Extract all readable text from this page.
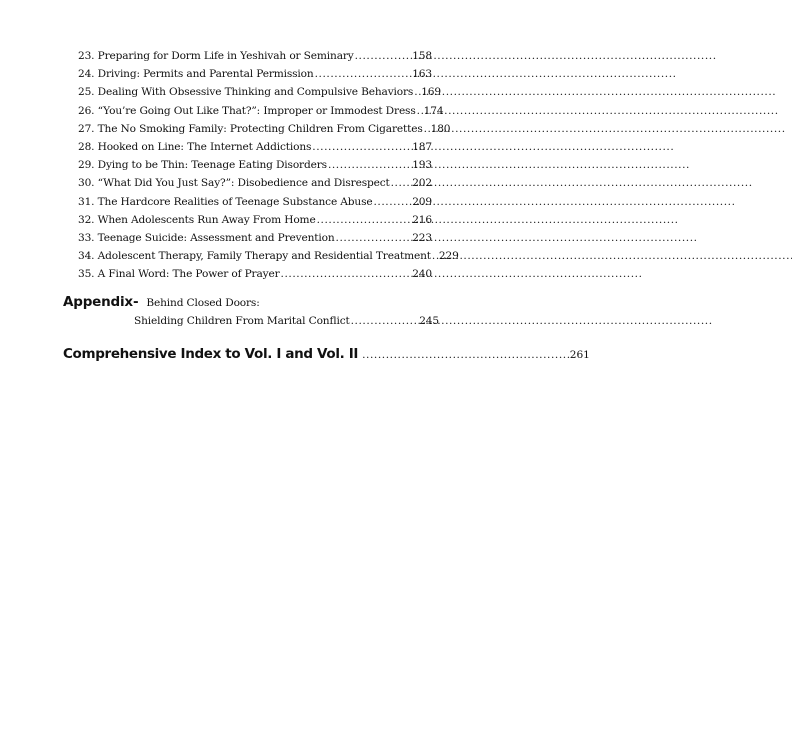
23. Preparing for Dorm Life in Yeshivah or Seminary . . .	158
24. Driving: Permits and Parental Permission . . .	163
25. Dealing With Obsessive Thinking and Compulsive Behaviors . . . 169
26. “You’re Going Out Like That?”: Improper or Immodest Dress . . . 174
27. The No Smoking Family: Protecting Children From Cigarettes . . . 180
28. Hooked on Line: The Internet Addictions . . .	187
29. Dying to be Thin: Teenage Eating Disorders . . .	193
30. “What Did You Just Say?”: Disobedience and Disrespect . . . 202
31. The Hardcore Realities of Teenage Substance Abuse . . .	209
32. When Adolescents Run Away From Home . . .	216
33. Teenage Suicide: Assessment and Prevention . . .	223
34. Adolescent Therapy, Family Therapy and Residential Treatment . . . 229
35. A Final Word: The Power of Prayer . . .	240
Appendix- Behind Closed Doors:
Shielding Children From Marital Conflict . . .	245
Comprehensive Index to Vol. I and Vol. II . . .	261
